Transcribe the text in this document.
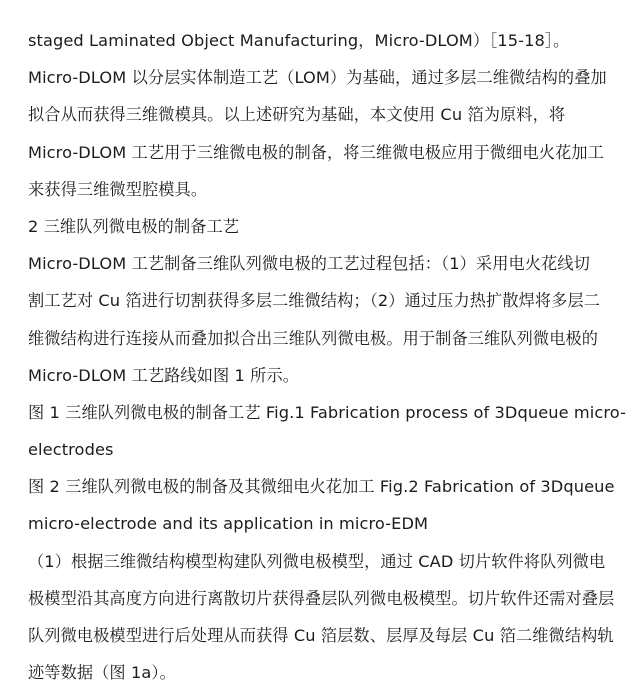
staged Laminated Object Manufacturing，Micro-DLOM）［15-18］。
Micro-DLOM 以分层实体制造工艺（LOM）为基础，通过多层二维微结构的叠加
拟合从而获得三维微模具。以上述研究为基础，本文使用 Cu 箔为原料，将
Micro-DLOM 工艺用于三维微电极的制备，将三维微电极应用于微细电火花加工
来获得三维微型腔模具。
2 三维队列微电极的制备工艺
Micro-DLOM 工艺制备三维队列微电极的工艺过程包括：（1）采用电火花线切
割工艺对 Cu 箔进行切割获得多层二维微结构；（2）通过压力热扩散焊将多层二
维微结构进行连接从而叠加拟合出三维队列微电极。用于制备三维队列微电极的
Micro-DLOM 工艺路线如图 1 所示。
图 1 三维队列微电极的制备工艺 Fig.1 Fabrication process of 3Dqueue micro-
electrodes
图 2 三维队列微电极的制备及其微细电火花加工 Fig.2 Fabrication of 3Dqueue
micro-electrode and its application in micro-EDM
（1）根据三维微结构模型构建队列微电极模型，通过 CAD 切片软件将队列微电
极模型沿其高度方向进行离散切片获得叠层队列微电极模型。切片软件还需对叠层
队列微电极模型进行后处理从而获得 Cu 箔层数、层厚及每层 Cu 箔二维微结构轨
迹等数据（图 1a）。
